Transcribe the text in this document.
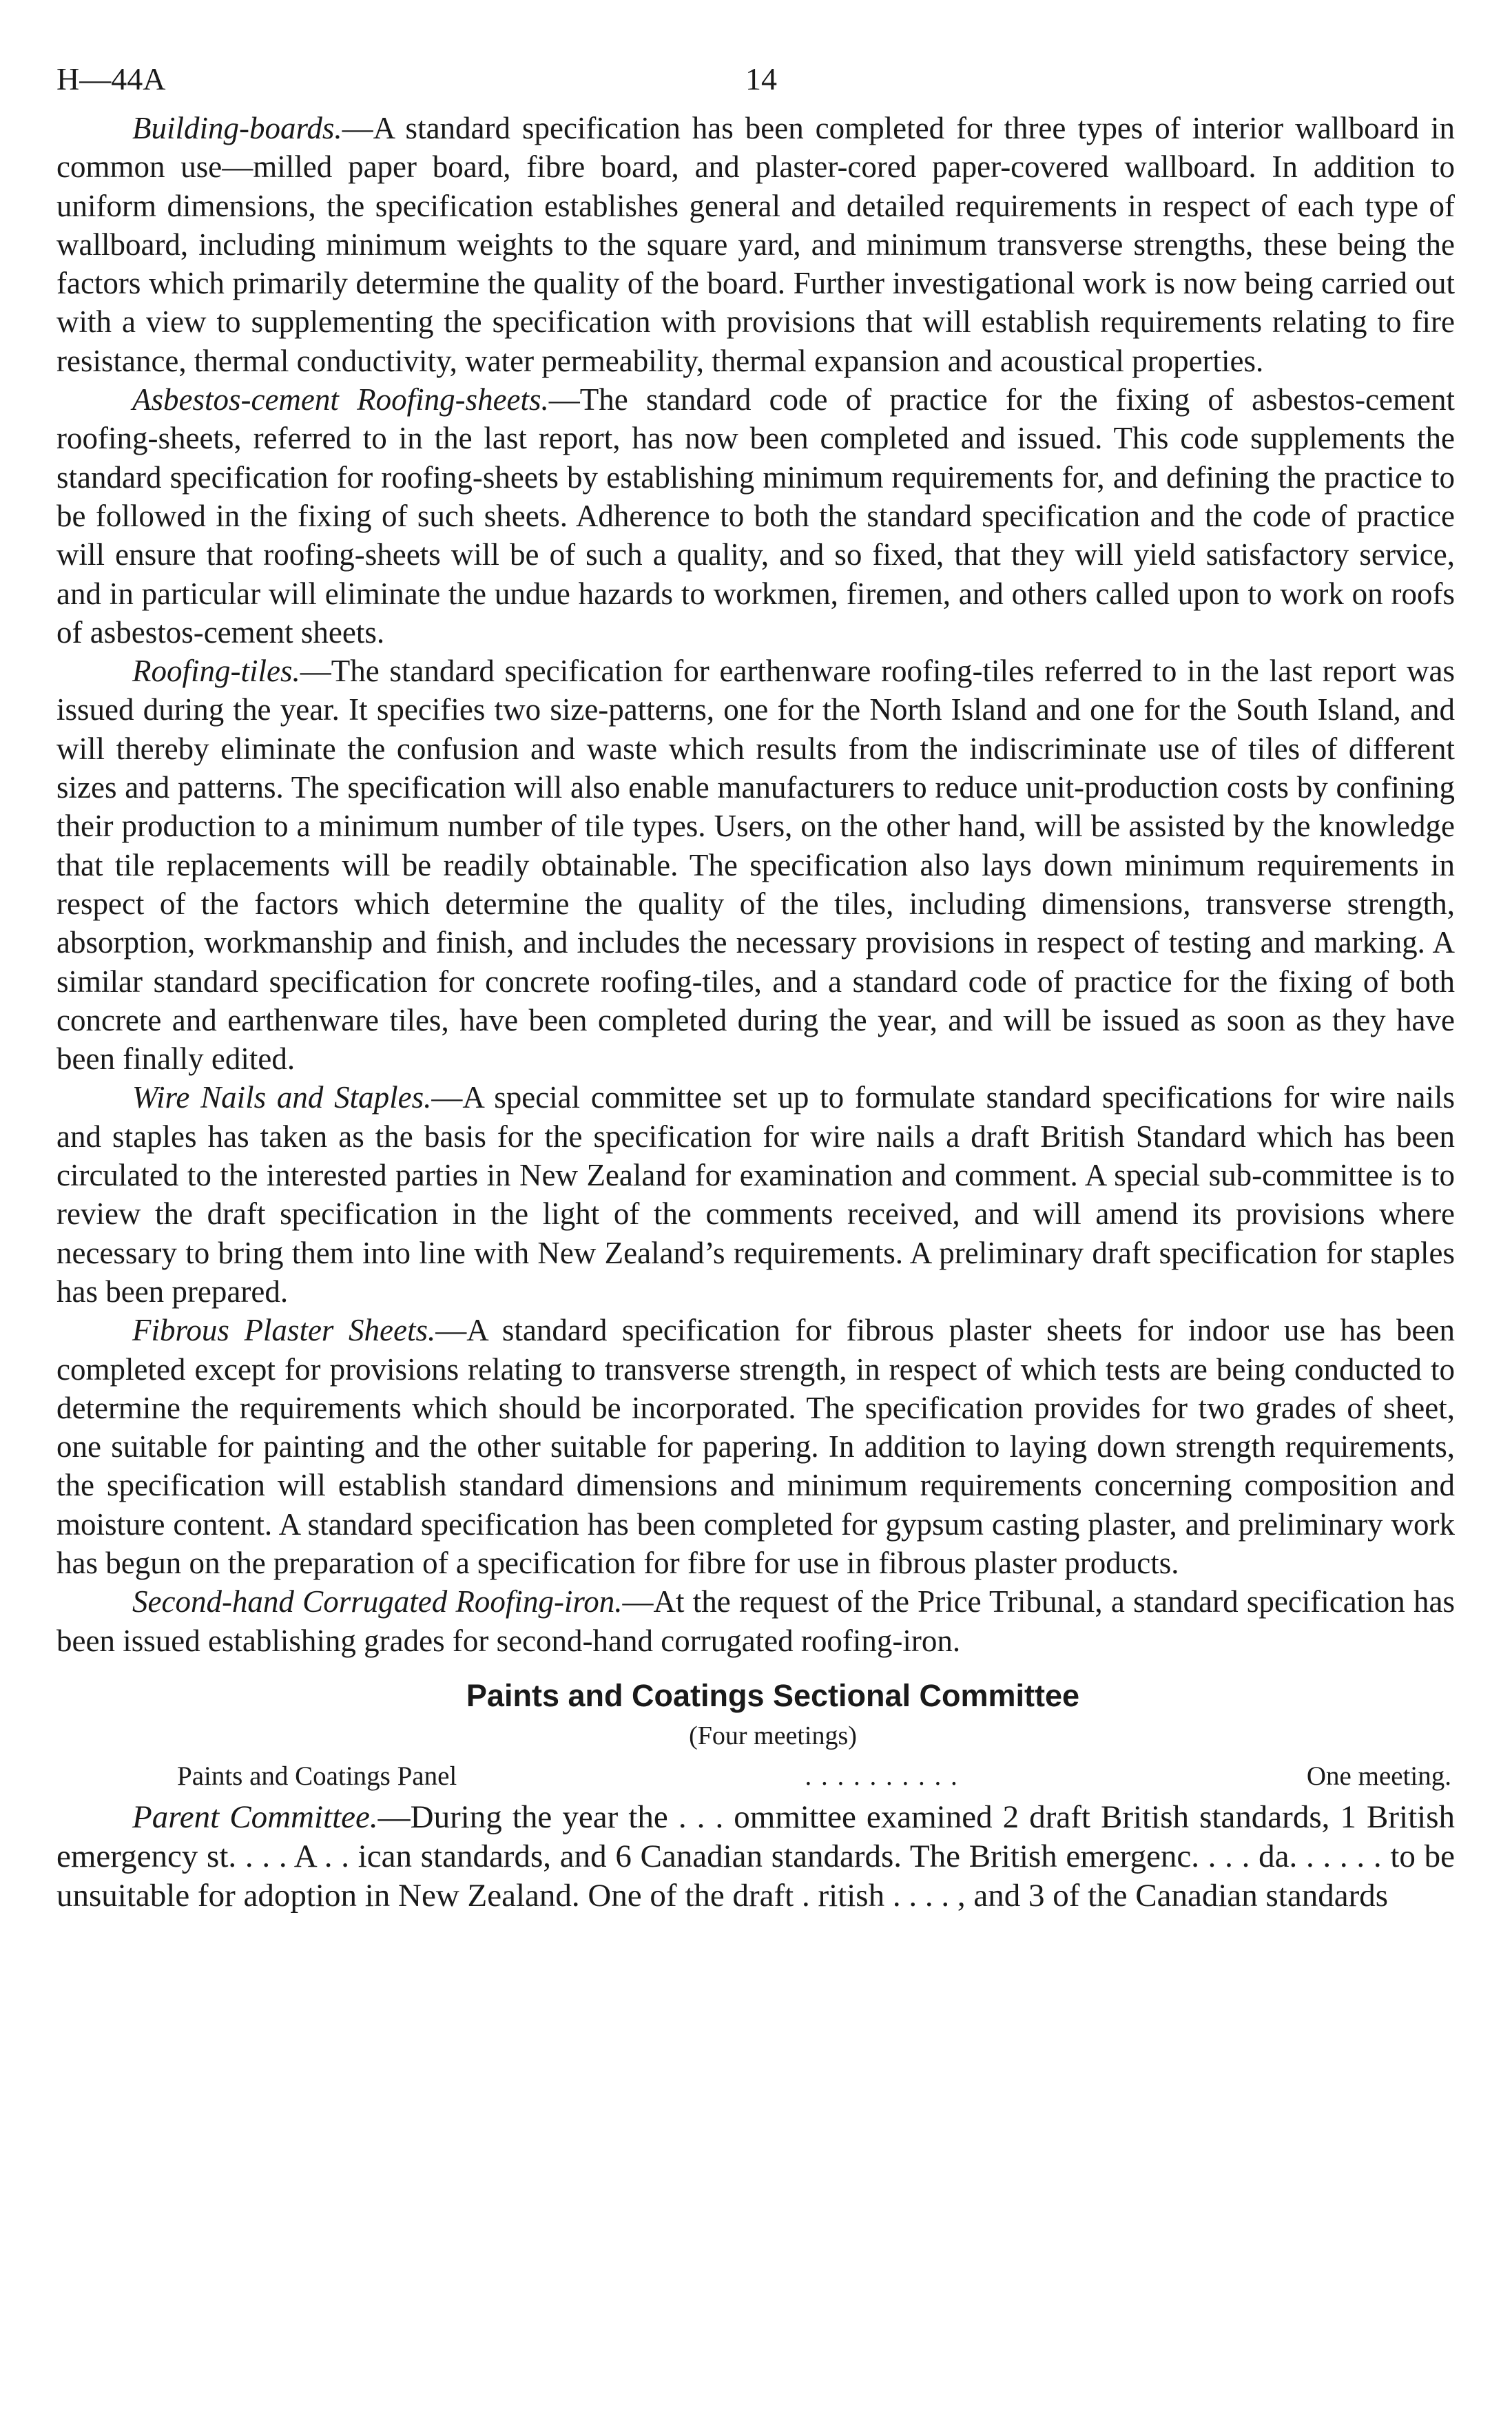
H—44A	14

Building-boards.—A standard specification has been completed for three types of interior wallboard in common use—milled paper board, fibre board, and plaster-cored paper-covered wallboard. In addition to uniform dimensions, the specification establishes general and detailed requirements in respect of each type of wallboard, including minimum weights to the square yard, and minimum transverse strengths, these being the factors which primarily determine the quality of the board. Further investigational work is now being carried out with a view to supplementing the specification with provisions that will establish requirements relating to fire resistance, thermal conductivity, water permeability, thermal expansion and acoustical properties.

Asbestos-cement Roofing-sheets.—The standard code of practice for the fixing of asbestos-cement roofing-sheets, referred to in the last report, has now been completed and issued. This code supplements the standard specification for roofing-sheets by establishing minimum requirements for, and defining the practice to be followed in the fixing of such sheets. Adherence to both the standard specification and the code of practice will ensure that roofing-sheets will be of such a quality, and so fixed, that they will yield satisfactory service, and in particular will eliminate the undue hazards to workmen, firemen, and others called upon to work on roofs of asbestos-cement sheets.

Roofing-tiles.—The standard specification for earthenware roofing-tiles referred to in the last report was issued during the year. It specifies two size-patterns, one for the North Island and one for the South Island, and will thereby eliminate the confusion and waste which results from the indiscriminate use of tiles of different sizes and patterns. The specification will also enable manufacturers to reduce unit-production costs by confining their production to a minimum number of tile types. Users, on the other hand, will be assisted by the knowledge that tile replacements will be readily obtainable. The specification also lays down minimum requirements in respect of the factors which determine the quality of the tiles, including dimensions, transverse strength, absorption, workmanship and finish, and includes the necessary provisions in respect of testing and marking. A similar standard specification for concrete roofing-tiles, and a standard code of practice for the fixing of both concrete and earthenware tiles, have been completed during the year, and will be issued as soon as they have been finally edited.

Wire Nails and Staples.—A special committee set up to formulate standard specifications for wire nails and staples has taken as the basis for the specification for wire nails a draft British Standard which has been circulated to the interested parties in New Zealand for examination and comment. A special sub-committee is to review the draft specification in the light of the comments received, and will amend its provisions where necessary to bring them into line with New Zealand’s requirements. A preliminary draft specification for staples has been prepared.

Fibrous Plaster Sheets.—A standard specification for fibrous plaster sheets for indoor use has been completed except for provisions relating to transverse strength, in respect of which tests are being conducted to determine the requirements which should be incorporated. The specification provides for two grades of sheet, one suitable for painting and the other suitable for papering. In addition to laying down strength requirements, the specification will establish standard dimensions and minimum requirements concerning composition and moisture content. A standard specification has been completed for gypsum casting plaster, and preliminary work has begun on the preparation of a specification for fibre for use in fibrous plaster products.

Second-hand Corrugated Roofing-iron.—At the request of the Price Tribunal, a standard specification has been issued establishing grades for second-hand corrugated roofing-iron.

Paints and Coatings Sectional Committee
(Four meetings)
Paints and Coatings Panel	. . . . . . . . . .	One meeting.

Parent Committee.—During the year the . . . ommittee examined 2 draft British standards, 1 British emergency st. . . . A . . ican standards, and 6 Canadian standards. The British emergenc. . . . da. . . . . . to be unsuitable for adoption in New Zealand. One of the draft . ritish . . . . , and 3 of the Canadian standards
